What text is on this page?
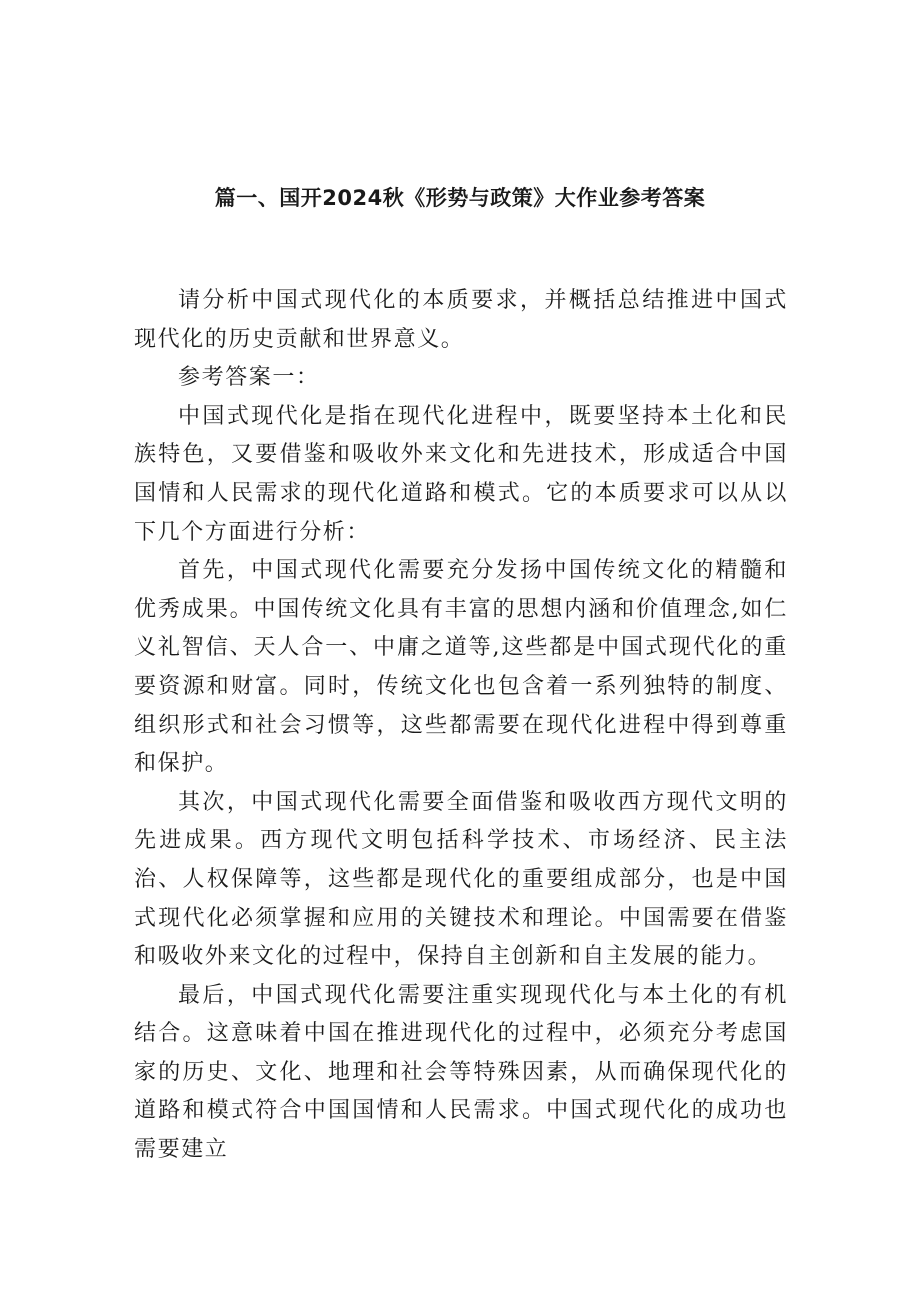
篇一、国开2024秋《形势与政策》大作业参考答案

请分析中国式现代化的本质要求，并概括总结推进中国式现代化的历史贡献和世界意义。

参考答案一：

中国式现代化是指在现代化进程中，既要坚持本土化和民族特色，又要借鉴和吸收外来文化和先进技术，形成适合中国国情和人民需求的现代化道路和模式。它的本质要求可以从以下几个方面进行分析：

首先，中国式现代化需要充分发扬中国传统文化的精髓和优秀成果。中国传统文化具有丰富的思想内涵和价值理念,如仁义礼智信、天人合一、中庸之道等,这些都是中国式现代化的重要资源和财富。同时，传统文化也包含着一系列独特的制度、组织形式和社会习惯等，这些都需要在现代化进程中得到尊重和保护。

其次，中国式现代化需要全面借鉴和吸收西方现代文明的先进成果。西方现代文明包括科学技术、市场经济、民主法治、人权保障等，这些都是现代化的重要组成部分，也是中国式现代化必须掌握和应用的关键技术和理论。中国需要在借鉴和吸收外来文化的过程中，保持自主创新和自主发展的能力。

最后，中国式现代化需要注重实现现代化与本土化的有机结合。这意味着中国在推进现代化的过程中，必须充分考虑国家的历史、文化、地理和社会等特殊因素，从而确保现代化的道路和模式符合中国国情和人民需求。中国式现代化的成功也需要建立
